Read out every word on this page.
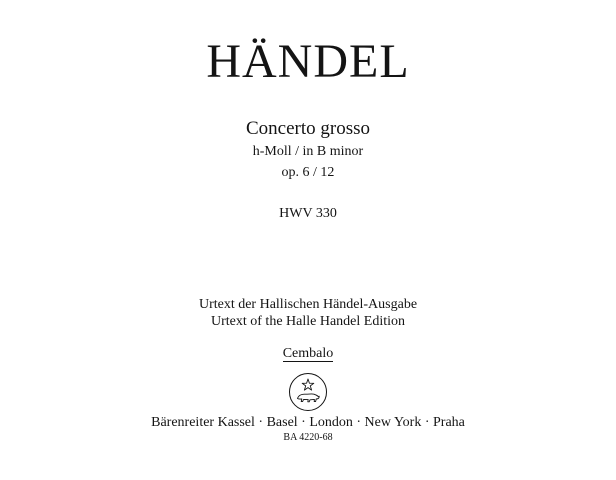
HÄNDEL
Concerto grosso
h-Moll / in B minor
op. 6 / 12
HWV 330
Urtext der Hallischen Händel-Ausgabe
Urtext of the Halle Handel Edition
Cembalo
Bärenreiter Kassel · Basel · London · New York · Praha
BA 4220-68
